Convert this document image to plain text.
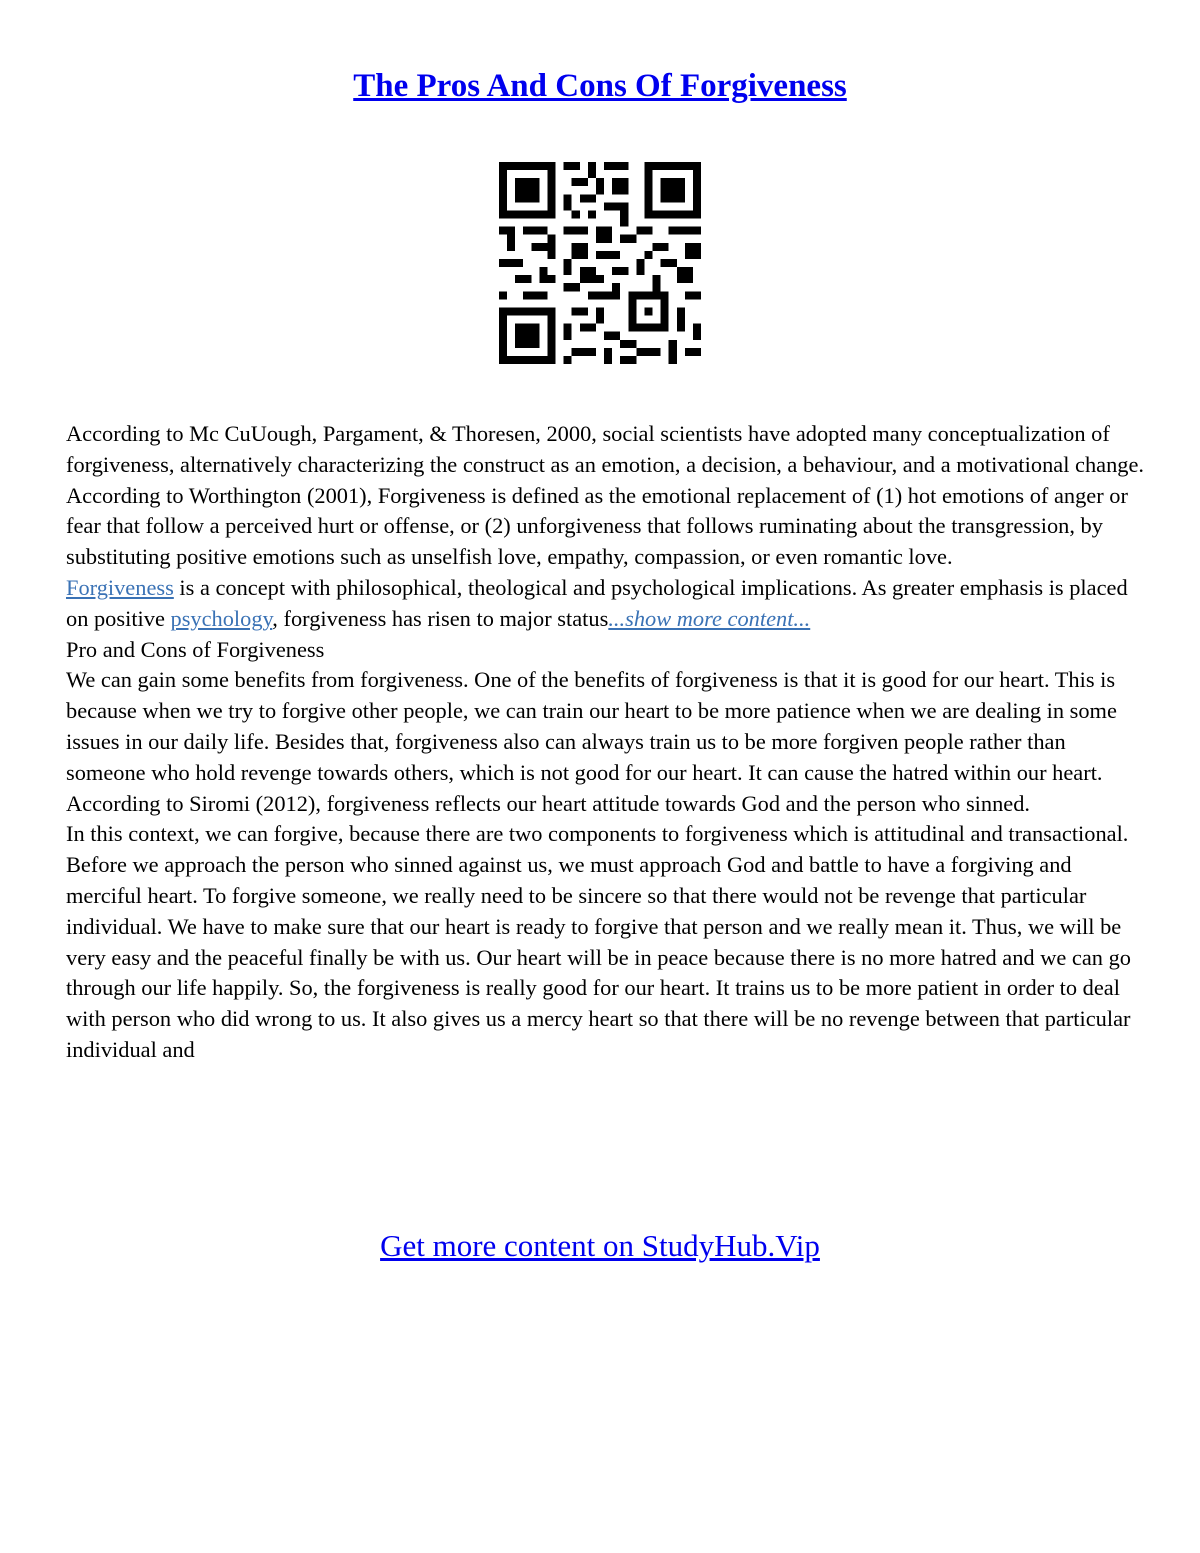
The Pros And Cons Of Forgiveness

According to Mc CuUough, Pargament, & Thoresen, 2000, social scientists have adopted many conceptualization of forgiveness, alternatively characterizing the construct as an emotion, a decision, a behaviour, and a motivational change. According to Worthington (2001), Forgiveness is defined as the emotional replacement of (1) hot emotions of anger or fear that follow a perceived hurt or offense, or (2) unforgiveness that follows ruminating about the transgression, by substituting positive emotions such as unselfish love, empathy, compassion, or even romantic love.
Forgiveness is a concept with philosophical, theological and psychological implications. As greater emphasis is placed on positive psychology, forgiveness has risen to major status...show more content...

Pro and Cons of Forgiveness

We can gain some benefits from forgiveness. One of the benefits of forgiveness is that it is good for our heart. This is because when we try to forgive other people, we can train our heart to be more patience when we are dealing in some issues in our daily life. Besides that, forgiveness also can always train us to be more forgiven people rather than someone who hold revenge towards others, which is not good for our heart. It can cause the hatred within our heart. According to Siromi (2012), forgiveness reflects our heart attitude towards God and the person who sinned.

In this context, we can forgive, because there are two components to forgiveness which is attitudinal and transactional. Before we approach the person who sinned against us, we must approach God and battle to have a forgiving and merciful heart. To forgive someone, we really need to be sincere so that there would not be revenge that particular individual. We have to make sure that our heart is ready to forgive that person and we really mean it. Thus, we will be very easy and the peaceful finally be with us. Our heart will be in peace because there is no more hatred and we can go through our life happily. So, the forgiveness is really good for our heart. It trains us to be more patient in order to deal with person who did wrong to us. It also gives us a mercy heart so that there will be no revenge between that particular individual and

Get more content on StudyHub.Vip
